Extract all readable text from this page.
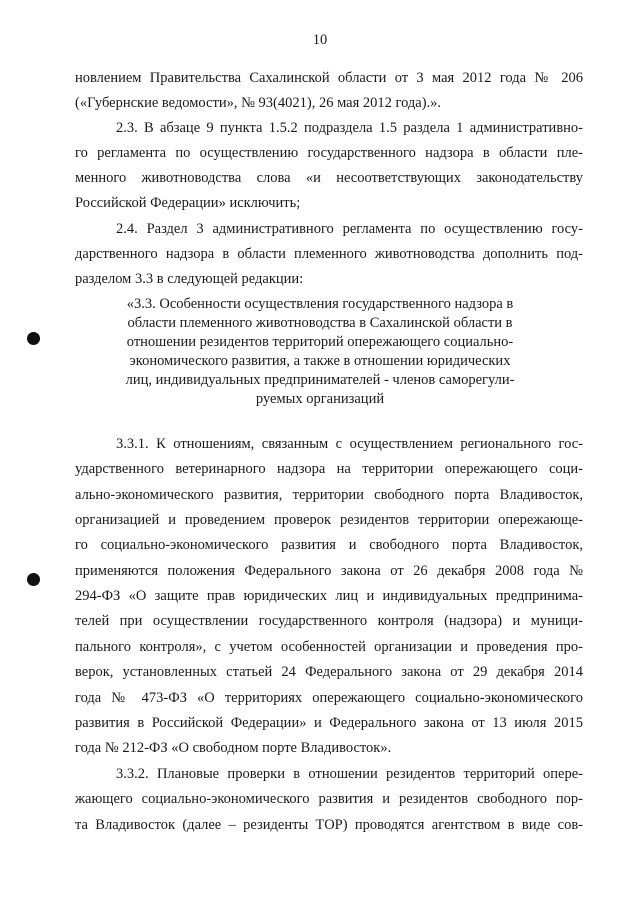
10
новлением Правительства Сахалинской области от 3 мая 2012 года № 206
(«Губернские ведомости», № 93(4021), 26 мая 2012 года).».
2.3. В абзаце 9 пункта 1.5.2 подраздела 1.5 раздела 1 административно-
го регламента по осуществлению государственного надзора в области пле-
менного животноводства слова «и несоответствующих законодательству
Российской Федерации» исключить;
2.4. Раздел 3 административного регламента по осуществлению госу-
дарственного надзора в области племенного животноводства дополнить под-
разделом 3.3 в следующей редакции:
«3.3. Особенности осуществления государственного надзора в
области племенного животноводства в Сахалинской области в
отношении резидентов территорий опережающего социально-
экономического развития, а также в отношении юридических
лиц, индивидуальных предпринимателей - членов саморегули-
руемых организаций
3.3.1. К отношениям, связанным с осуществлением регионального гос-
ударственного ветеринарного надзора на территории опережающего соци-
ально-экономического развития, территории свободного порта Владивосток,
организацией и проведением проверок резидентов территории опережающе-
го социально-экономического развития и свободного порта Владивосток,
применяются положения Федерального закона от 26 декабря 2008 года №
294-ФЗ «О защите прав юридических лиц и индивидуальных предпринима-
телей при осуществлении государственного контроля (надзора) и муници-
пального контроля», с учетом особенностей организации и проведения про-
верок, установленных статьей 24 Федерального закона от 29 декабря 2014
года № 473-ФЗ «О территориях опережающего социально-экономического
развития в Российской Федерации» и Федерального закона от 13 июля 2015
года № 212-ФЗ «О свободном порте Владивосток».
3.3.2. Плановые проверки в отношении резидентов территорий опере-
жающего социально-экономического развития и резидентов свободного пор-
та Владивосток (далее – резиденты ТОР) проводятся агентством в виде сов-
